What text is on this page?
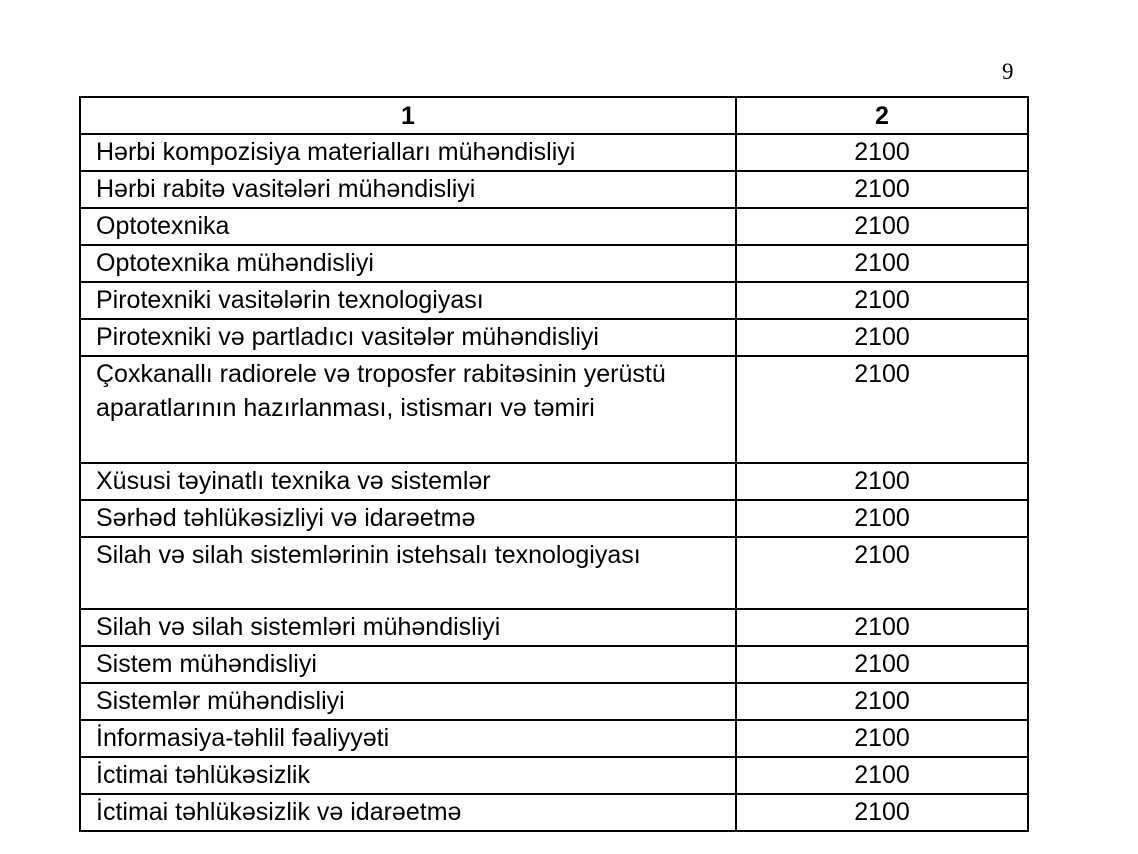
9
1	2
Hərbi kompozisiya materialları mühəndisliyi	2100
Hərbi rabitə vasitələri mühəndisliyi	2100
Optotexnika	2100
Optotexnika mühəndisliyi	2100
Pirotexniki vasitələrin texnologiyası	2100
Pirotexniki və partladıcı vasitələr mühəndisliyi	2100
Çoxkanallı radiorele və troposfer rabitəsinin yerüstü aparatlarının hazırlanması, istismarı və təmiri	2100
Xüsusi təyinatlı texnika və sistemlər	2100
Sərhəd təhlükəsizliyi və idarəetmə	2100
Silah və silah sistemlərinin istehsalı texnologiyası	2100
Silah və silah sistemləri mühəndisliyi	2100
Sistem mühəndisliyi	2100
Sistemlər mühəndisliyi	2100
İnformasiya-təhlil fəaliyyəti	2100
İctimai təhlükəsizlik	2100
İctimai təhlükəsizlik və idarəetmə	2100
